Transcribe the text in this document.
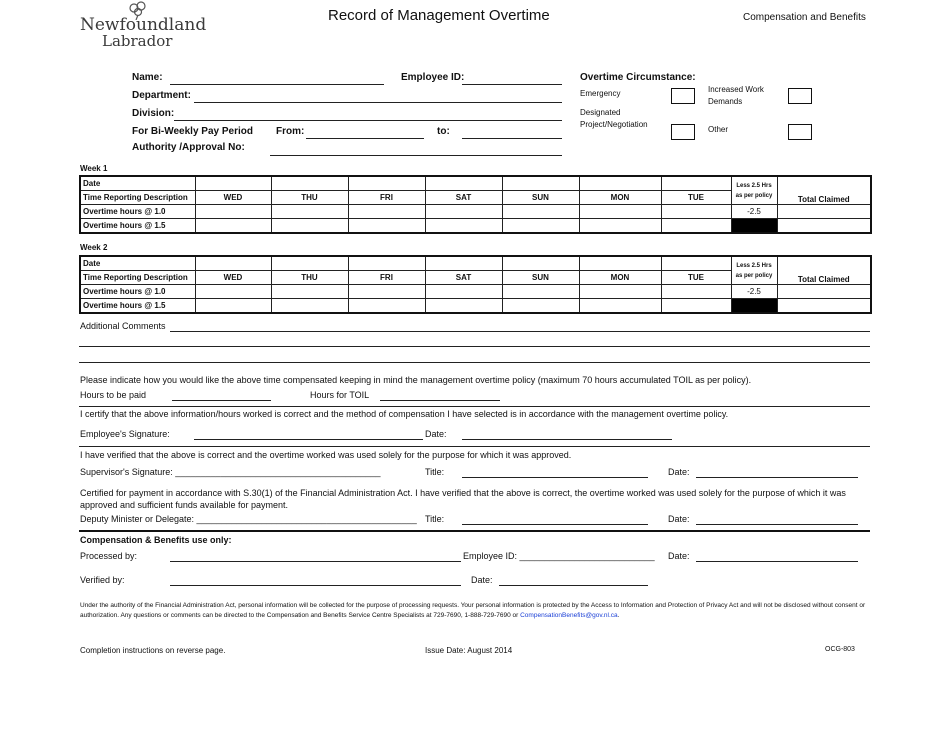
Newfoundland
Labrador
Record of Management Overtime	Compensation and Benefits
Name:	Employee ID:
Department:
Division:
For Bi-Weekly Pay Period From:	to:
Authority /Approval No:
Overtime Circumstance:
Emergency	Increased Work Demands
Designated Project/Negotiation
Other
Week 1
Date								Less 2.5 Hrs as per policy	Total Claimed
Time Reporting Description	WED	THU	FRI	SAT	SUN	MON	TUE		
Overtime hours @ 1.0								-2.5	
Overtime hours @ 1.5									
Week 2
Date								Less 2.5 Hrs as per policy	Total Claimed
Time Reporting Description	WED	THU	FRI	SAT	SUN	MON	TUE		
Overtime hours @ 1.0								-2.5	
Overtime hours @ 1.5									
Additional Comments
Please indicate how you would like the above time compensated keeping in mind the management overtime policy (maximum 70 hours accumulated TOIL as per policy).
Hours to be paid	Hours for TOIL
I certify that the above information/hours worked is correct and the method of compensation I have selected is in accordance with the management overtime policy.
Employee's Signature:	Date:
I have verified that the above is correct and the overtime worked was used solely for the purpose for which it was approved.
Supervisor's Signature: _________________________________________	Title:	Date:
Certified for payment in accordance with S.30(1) of the Financial Administration Act. I have verified that the above is correct, the overtime worked was used solely for the purpose of which it was approved and sufficient funds available for payment.
Deputy Minister or Delegate: ____________________________________________ Title:	Date:
Compensation & Benefits use only:
Processed by:	Employee ID: ___________________________ Date:
Verified by:	Date:
Under the authority of the Financial Administration Act, personal information will be collected for the purpose of processing requests. Your personal information is protected by the Access to Information and Protection of Privacy Act and will not be disclosed without consent or authorization. Any questions or comments can be directed to the Compensation and Benefits Service Centre Specialists at 729-7690, 1-888-729-7690 or CompensationBenefits@gov.nl.ca.
Completion instructions on reverse page.	Issue Date: August 2014	OCG-803
